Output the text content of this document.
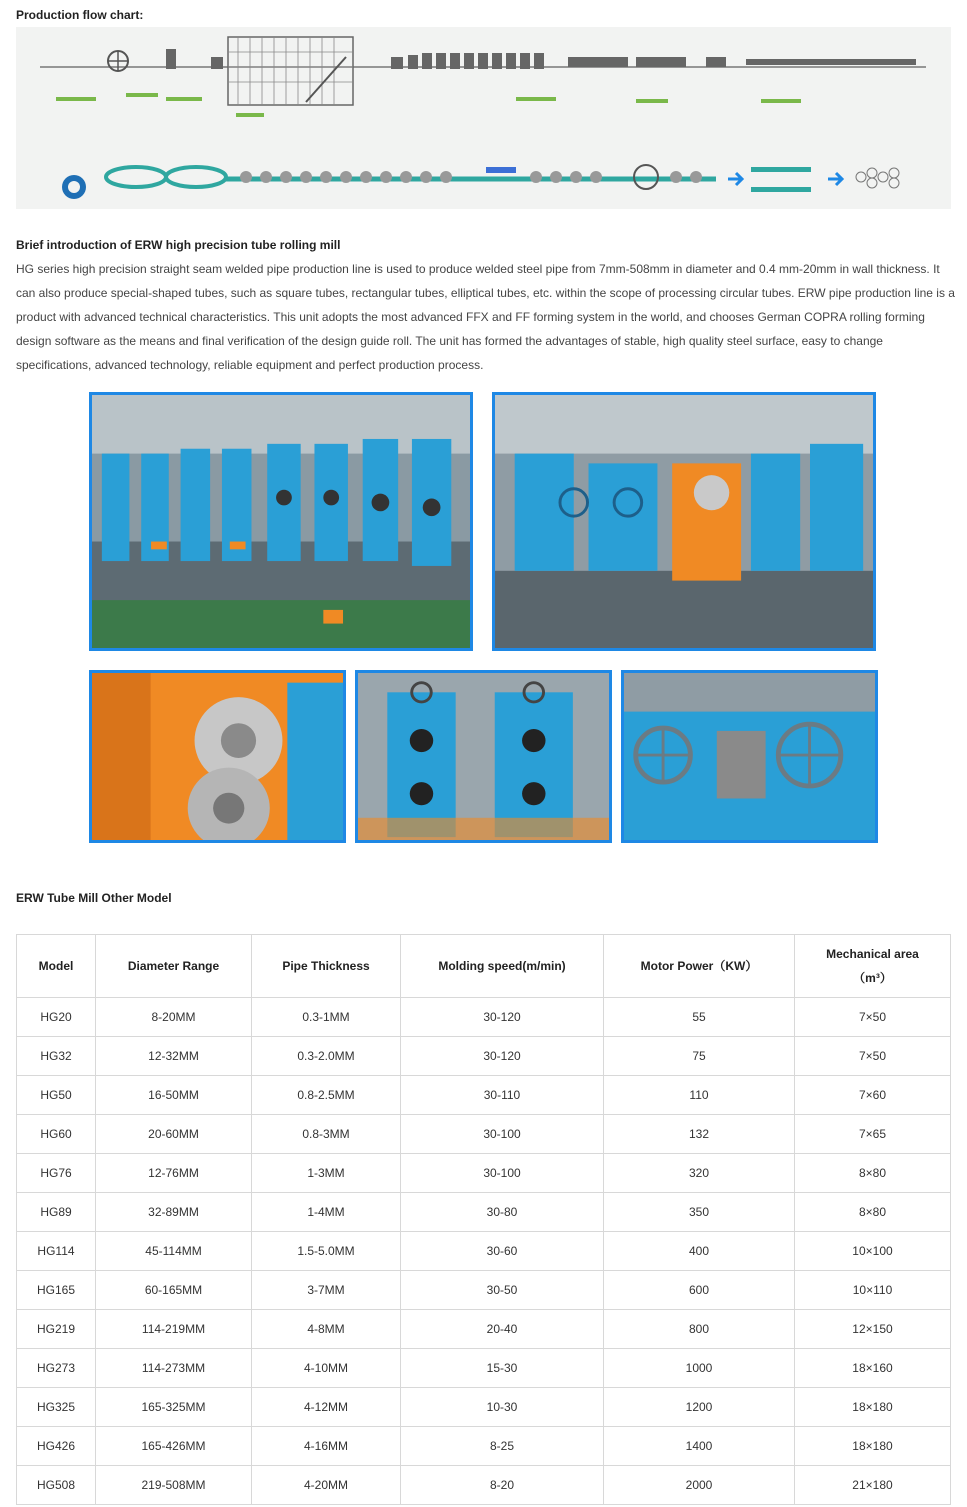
Production flow chart:
Brief introduction of ERW high precision tube rolling mill

HG series high precision straight seam welded pipe production line is used to produce welded steel pipe from 7mm-508mm in diameter and 0.4 mm-20mm in wall thickness. It can also produce special-shaped tubes, such as square tubes, rectangular tubes, elliptical tubes, etc. within the scope of processing circular tubes. ERW pipe production line is a product with advanced technical characteristics. This unit adopts the most advanced FFX and FF forming system in the world, and chooses German COPRA rolling forming design software as the means and final verification of the design guide roll. The unit has formed the advantages of stable, high quality steel surface, easy to change specifications, advanced technology, reliable equipment and perfect production process.

ERW Tube Mill Other Model
Model	Diameter Range	Pipe Thickness	Molding speed(m/min)	Motor Power（KW）	Mechanical area（m³）
HG20	8-20MM	0.3-1MM	30-120	55	7×50
HG32	12-32MM	0.3-2.0MM	30-120	75	7×50
HG50	16-50MM	0.8-2.5MM	30-110	110	7×60
HG60	20-60MM	0.8-3MM	30-100	132	7×65
HG76	12-76MM	1-3MM	30-100	320	8×80
HG89	32-89MM	1-4MM	30-80	350	8×80
HG114	45-114MM	1.5-5.0MM	30-60	400	10×100
HG165	60-165MM	3-7MM	30-50	600	10×110
HG219	114-219MM	4-8MM	20-40	800	12×150
HG273	114-273MM	4-10MM	15-30	1000	18×160
HG325	165-325MM	4-12MM	10-30	1200	18×180
HG426	165-426MM	4-16MM	8-25	1400	18×180
HG508	219-508MM	4-20MM	8-20	2000	21×180
